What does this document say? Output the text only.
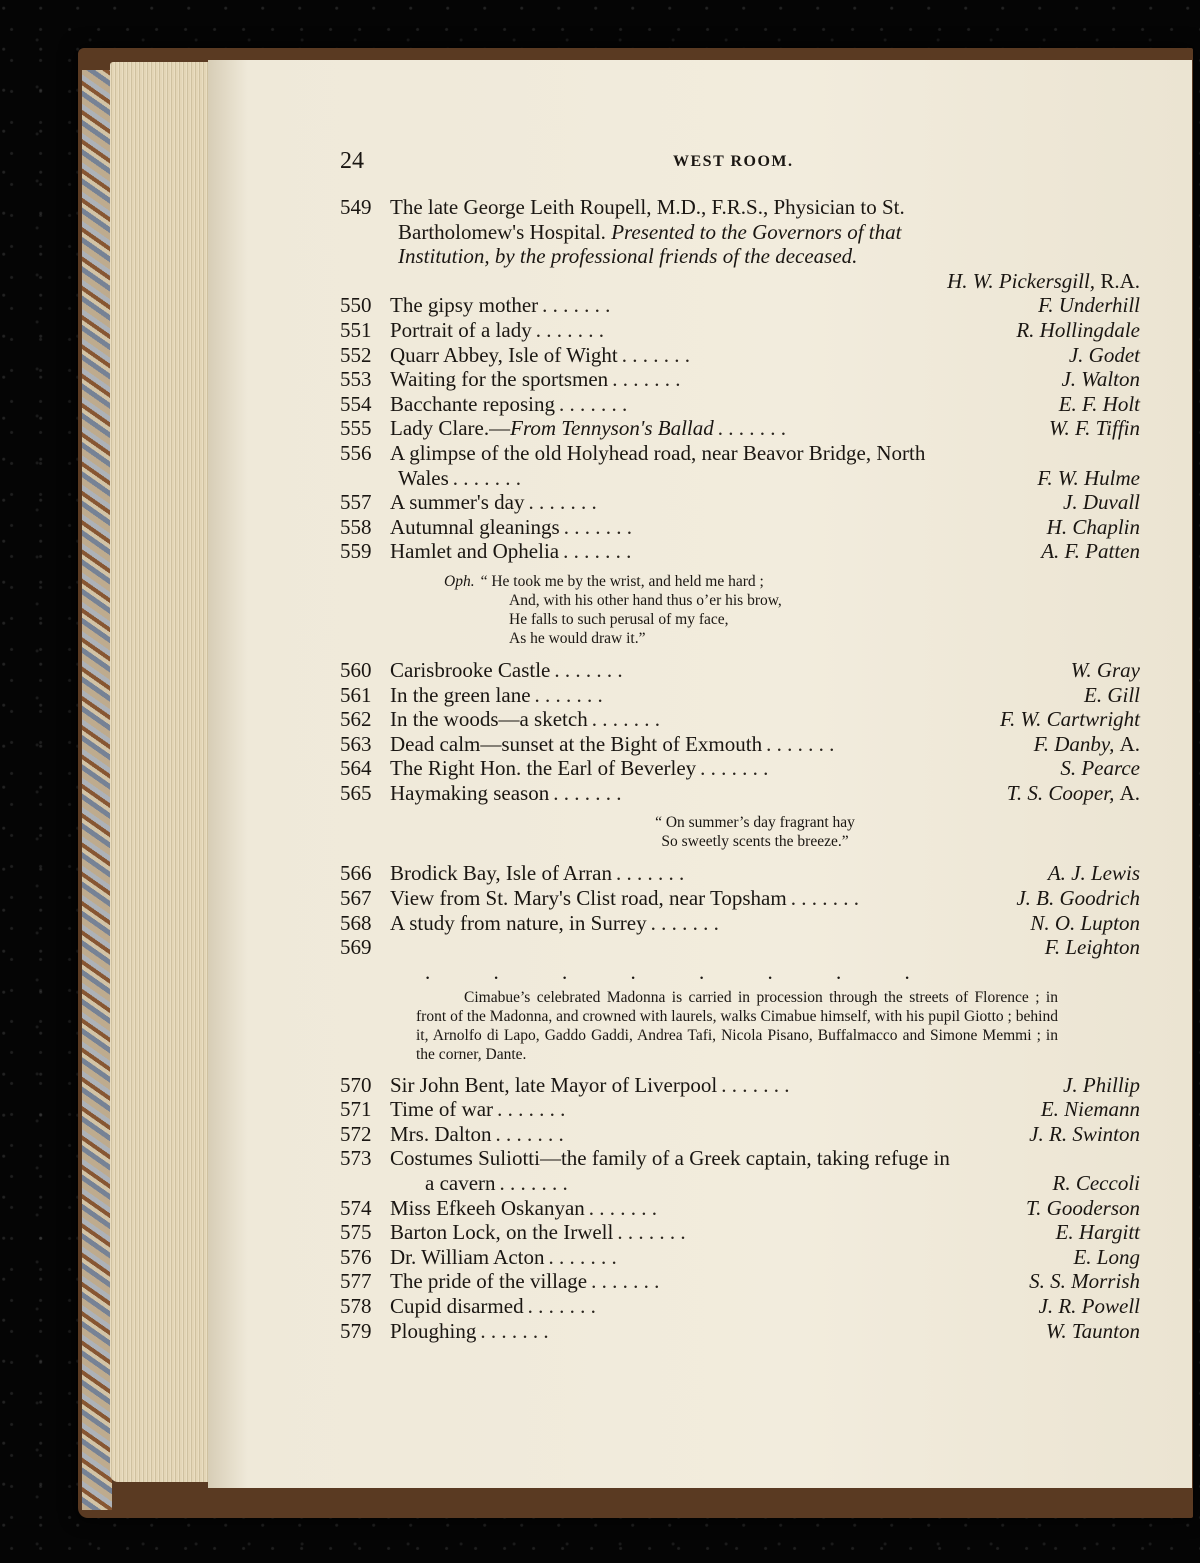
24	WEST ROOM.
549 The late George Leith Roupell, M.D., F.R.S., Physician to St.
Bartholomew's Hospital. Presented to the Governors of that
Institution, by the professional friends of the deceased.
H. W. Pickersgill, R.A.
550 The gipsy mother . . . . . . .	F. Underhill
551 Portrait of a lady . . . . . . .	R. Hollingdale
552 Quarr Abbey, Isle of Wight . . . . . . .	J. Godet
553 Waiting for the sportsmen . . . . . . .	J. Walton
554 Bacchante reposing . . . . . . .	E. F. Holt
555 Lady Clare.—From Tennyson's Ballad . . . . . . .	W. F. Tiffin
556 A glimpse of the old Holyhead road, near Beavor Bridge, North
Wales . . . . . . .	F. W. Hulme
557 A summer's day . . . . . . .	J. Duvall
558 Autumnal gleanings . . . . . . .	H. Chaplin
559 Hamlet and Ophelia . . . . . . .	A. F. Patten
Oph. “ He took me by the wrist, and held me hard ;
And, with his other hand thus o’er his brow,
He falls to such perusal of my face,
As he would draw it.”
560 Carisbrooke Castle . . . . . . .	W. Gray
561 In the green lane . . . . . . .	E. Gill
562 In the woods—a sketch . . . . . . .	F. W. Cartwright
563 Dead calm—sunset at the Bight of Exmouth . . . . . . .	F. Danby, A.
564 The Right Hon. the Earl of Beverley . . . . . . .	S. Pearce
565 Haymaking season . . . . . . .	T. S. Cooper, A.
“ On summer’s day fragrant hay
So sweetly scents the breeze.”
566 Brodick Bay, Isle of Arran . . . . . . .	A. J. Lewis
567 View from St. Mary's Clist road, near Topsham . . . . . . .	J. B. Goodrich
568 A study from nature, in Surrey . . . . . . .	N. O. Lupton
569	F. Leighton
. . . . . . . .
Cimabue’s celebrated Madonna is carried in procession through the streets of Florence ; in front of the Madonna, and crowned with laurels, walks Cimabue himself, with his pupil Giotto ; behind it, Arnolfo di Lapo, Gaddo Gaddi, Andrea Tafi, Nicola Pisano, Buffalmacco and Simone Memmi ; in the corner, Dante.
570 Sir John Bent, late Mayor of Liverpool . . . . . . .	J. Phillip
571 Time of war . . . . . . .	E. Niemann
572 Mrs. Dalton . . . . . . .	J. R. Swinton
573 Costumes Suliotti—the family of a Greek captain, taking refuge in
a cavern . . . . . . .	R. Ceccoli
574 Miss Efkeeh Oskanyan . . . . . . .	T. Gooderson
575 Barton Lock, on the Irwell . . . . . . .	E. Hargitt
576 Dr. William Acton . . . . . . .	E. Long
577 The pride of the village . . . . . . .	S. S. Morrish
578 Cupid disarmed . . . . . . .	J. R. Powell
579 Ploughing . . . . . . .	W. Taunton
